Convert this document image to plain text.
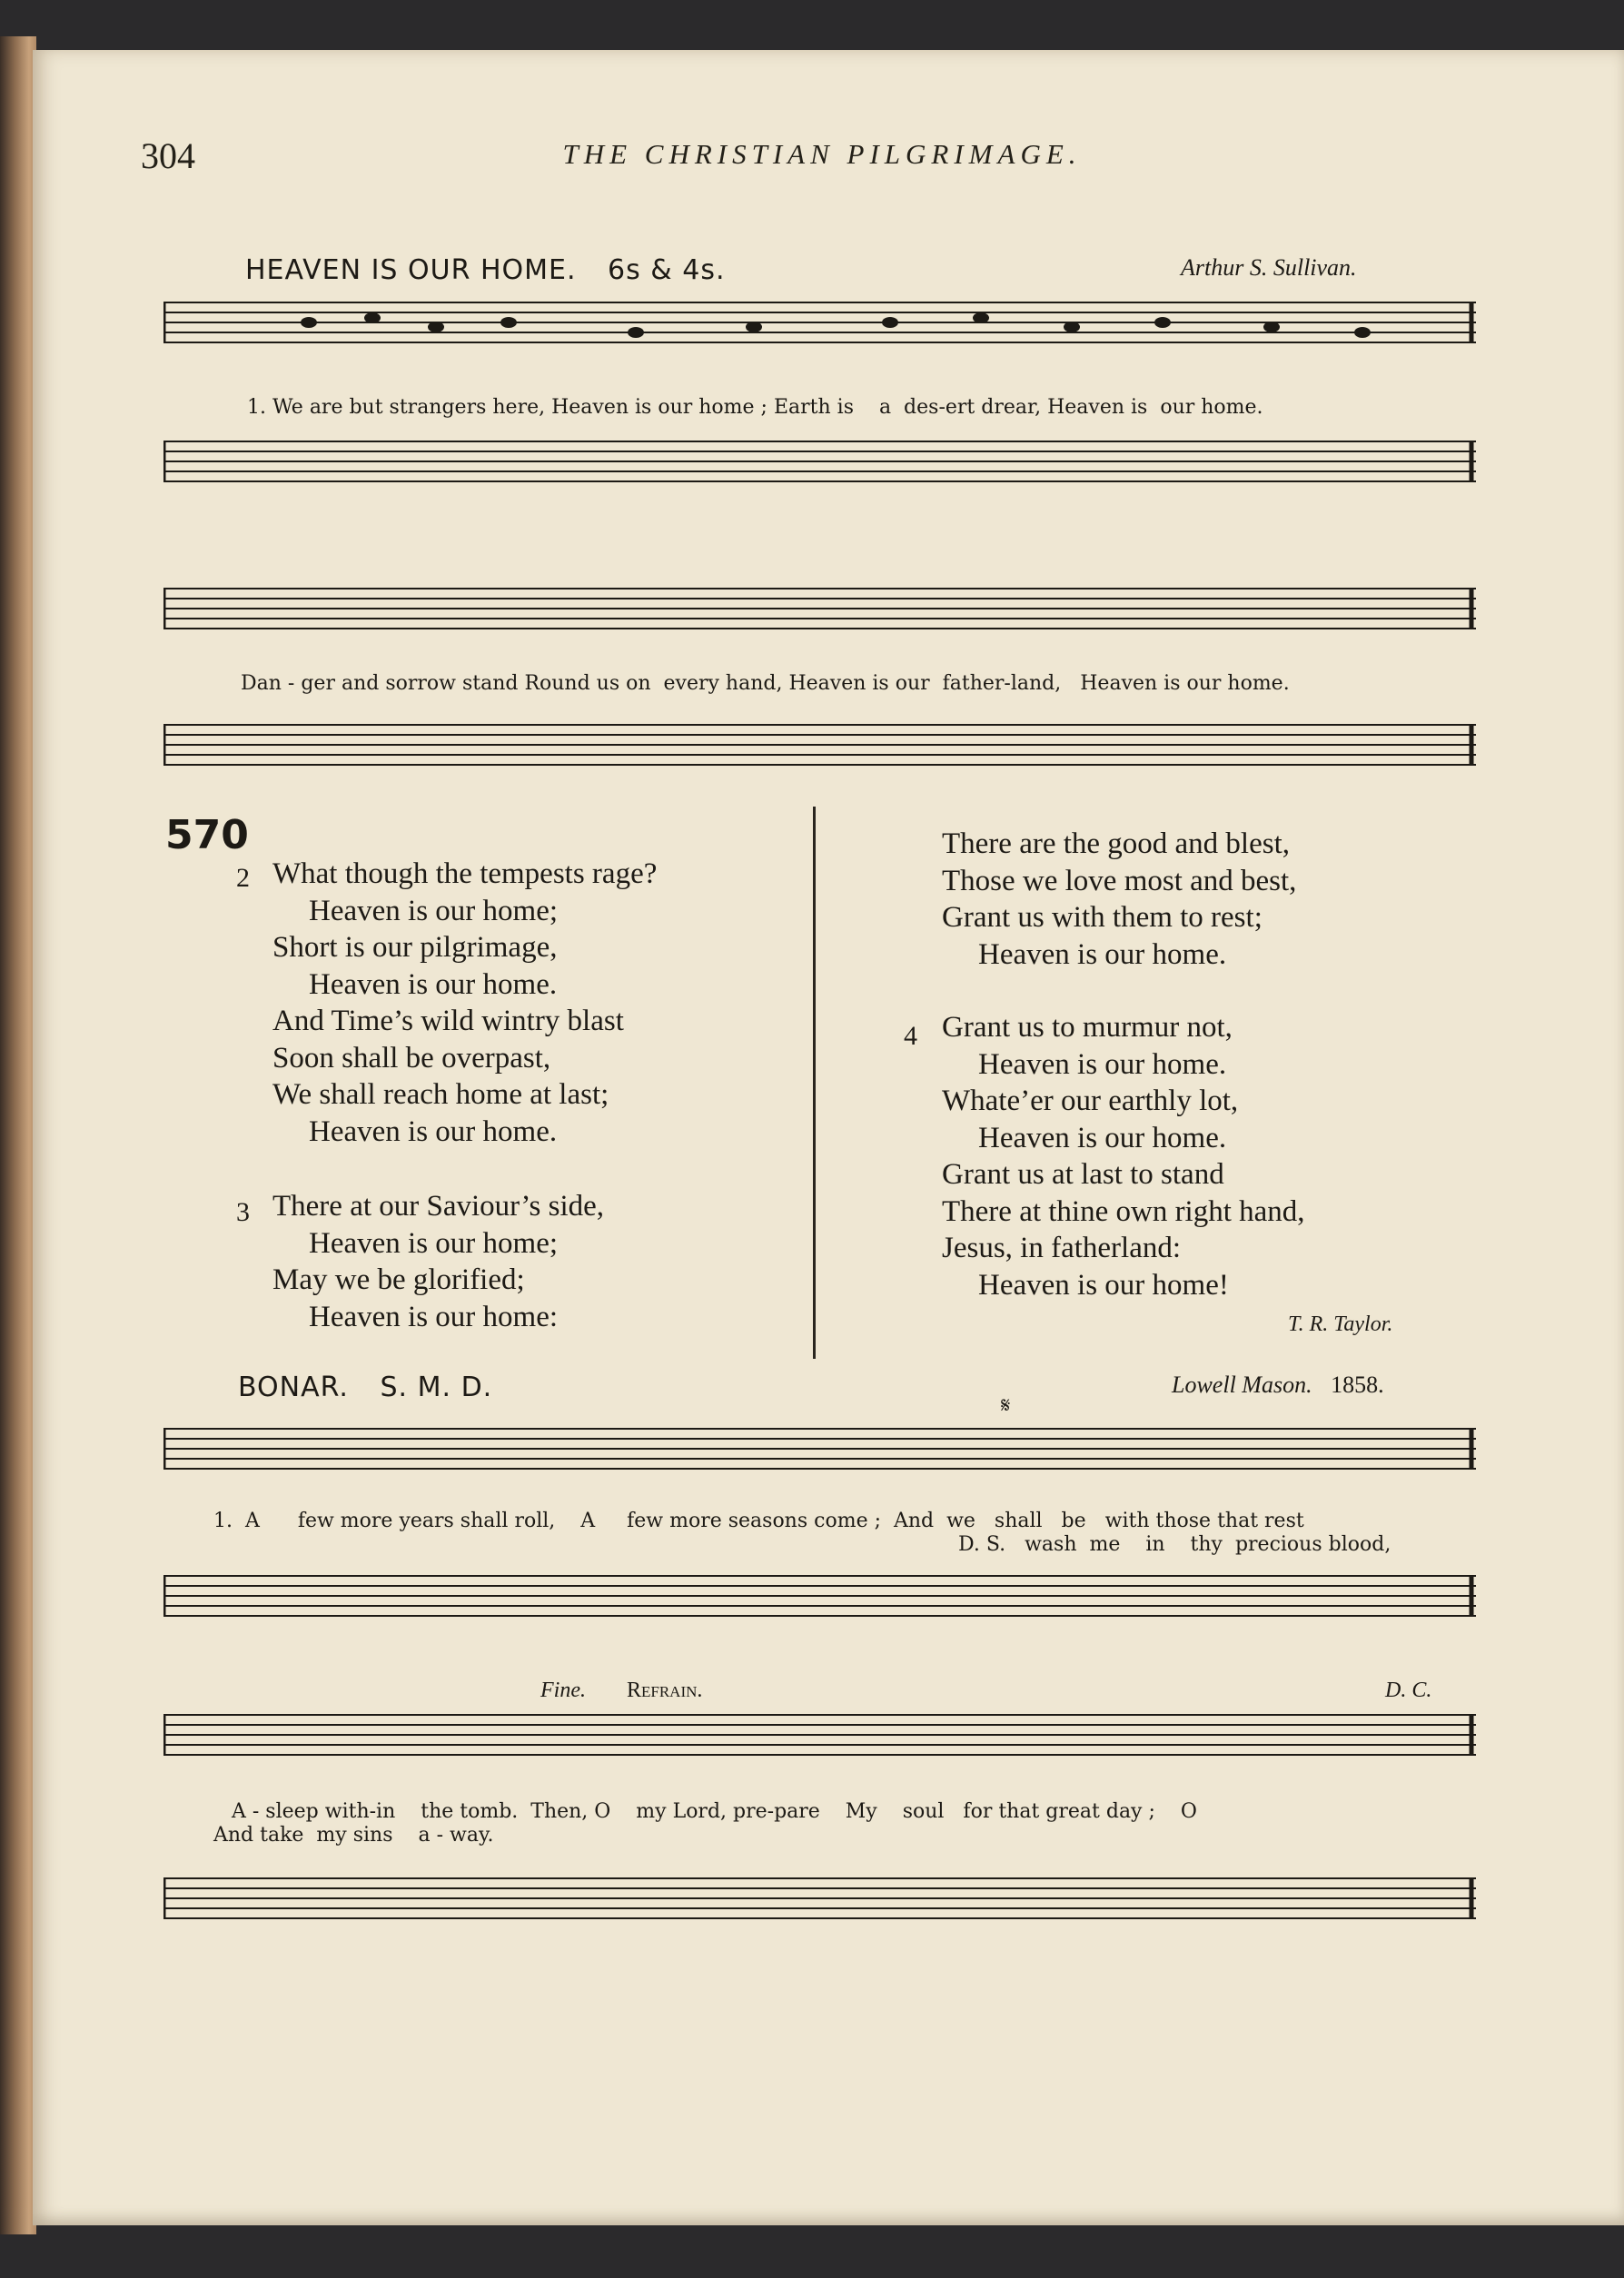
304	THE CHRISTIAN PILGRIMAGE.
HEAVEN IS OUR HOME. 6s & 4s.	Arthur S. Sullivan.
1. We are but strangers here, Heaven is our home ; Earth is    a  des-ert drear, Heaven is  our home.
Dan - ger and sorrow stand Round us on  every hand, Heaven is our  father-land,   Heaven is our home.
570
2 What though the tempests rage?
Heaven is our home;
Short is our pilgrimage,
Heaven is our home.
And Time’s wild wintry blast
Soon shall be overpast,
We shall reach home at last;
Heaven is our home.
3 There at our Saviour’s side,
Heaven is our home;
May we be glorified;
Heaven is our home:
There are the good and blest,
Those we love most and best,
Grant us with them to rest;
Heaven is our home.
4 Grant us to murmur not,
Heaven is our home.
Whate’er our earthly lot,
Heaven is our home.
Grant us at last to stand
There at thine own right hand,
Jesus, in fatherland:
Heaven is our home!
T. R. Taylor.
BONAR. S. M. D.	Lowell Mason. 1858.
𝄋
1.  A      few more years shall roll,    A     few more seasons come ;  And  we   shall   be   with those that rest
D. S.   wash  me    in    thy  precious blood,
Fine. Refrain.	D. C.
A - sleep with-in    the tomb.  Then, O    my Lord, pre-pare    My    soul   for that great day ;    O
And take  my sins    a - way.
